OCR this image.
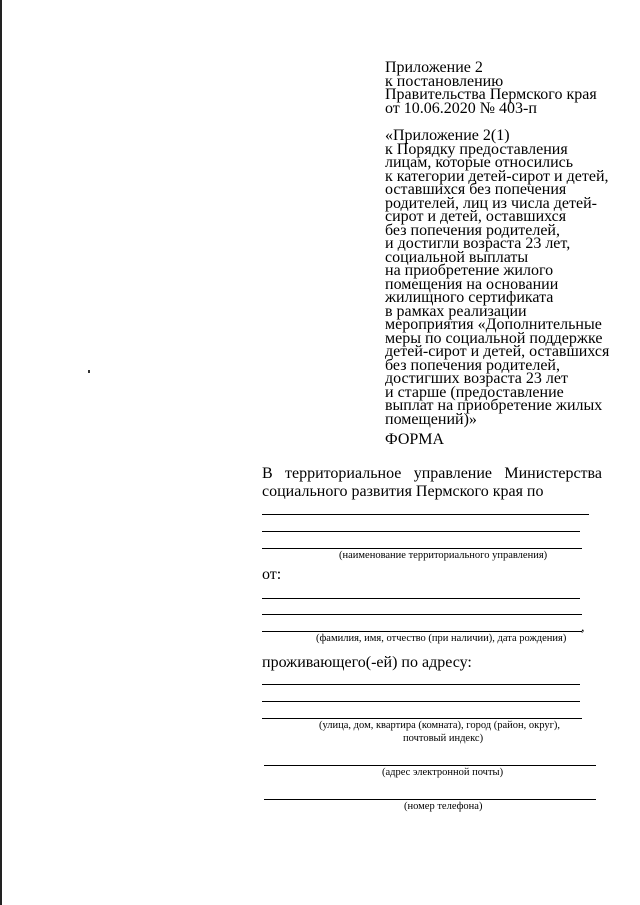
Приложение 2
к постановлению
Правительства Пермского края
от 10.06.2020 № 403-п
«Приложение 2(1)
к Порядку предоставления
лицам, которые относились
к категории детей-сирот и детей,
оставшихся без попечения
родителей, лиц из числа детей-
сирот и детей, оставшихся
без попечения родителей,
и достигли возраста 23 лет,
социальной выплаты
на приобретение жилого
помещения на основании
жилищного сертификата
в рамках реализации
мероприятия «Дополнительные
меры по социальной поддержке
детей-сирот и детей, оставшихся
без попечения родителей,
достигших возраста 23 лет
и старше (предоставление
выплат на приобретение жилых
помещений)»
ФОРМА
В территориальное управление Министерства
социального развития Пермского края по
(наименование территориального управления)
от:
,
(фамилия, имя, отчество (при наличии), дата рождения)
проживающего(-ей) по адресу:
(улица, дом, квартира (комната), город (район, округ),
почтовый индекс)
(адрес электронной почты)
(номер телефона)
